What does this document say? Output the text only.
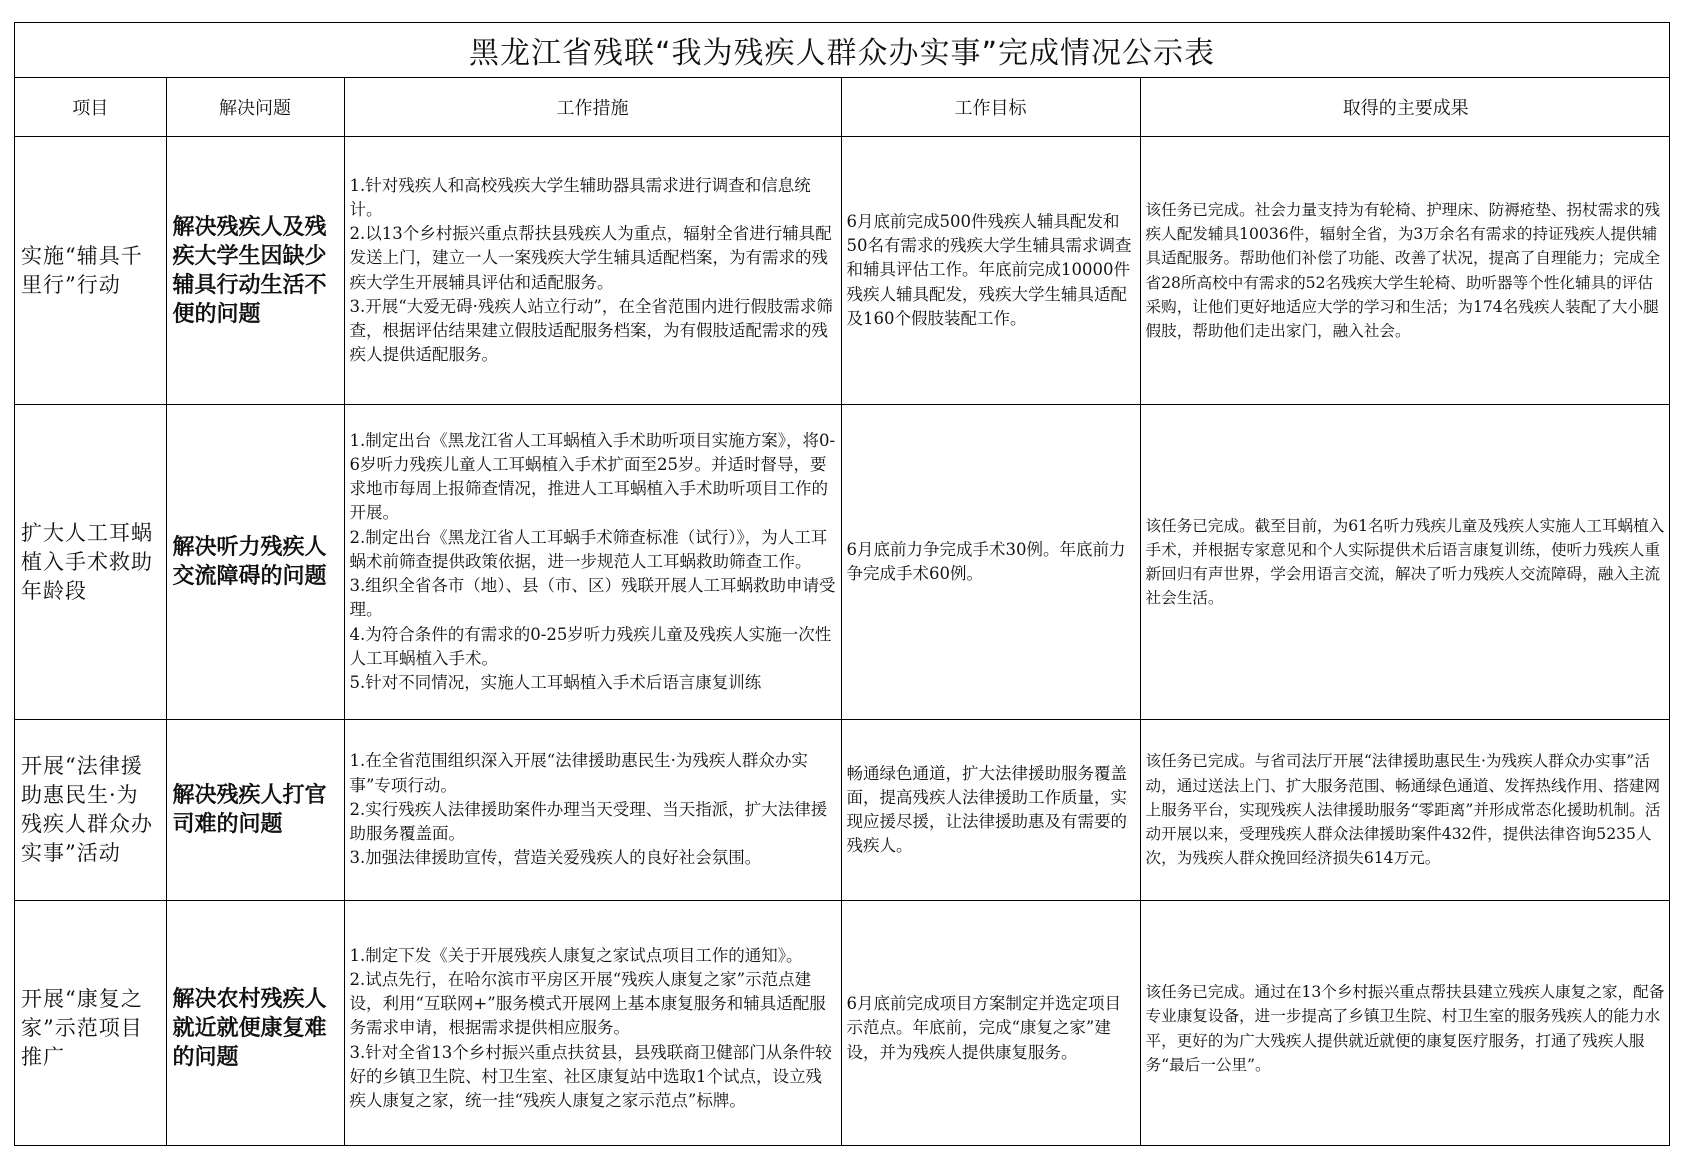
黑龙江省残联“我为残疾人群众办实事”完成情况公示表
项目	解决问题	工作措施	工作目标	取得的主要成果
实施“辅具千里行”行动	解决残疾人及残疾大学生因缺少辅具行动生活不便的问题	1.针对残疾人和高校残疾大学生辅助器具需求进行调查和信息统计。
2.以13个乡村振兴重点帮扶县残疾人为重点，辐射全省进行辅具配发送上门，建立一人一案残疾大学生辅具适配档案，为有需求的残疾大学生开展辅具评估和适配服务。
3.开展“大爱无碍·残疾人站立行动”，在全省范围内进行假肢需求筛查，根据评估结果建立假肢适配服务档案，为有假肢适配需求的残疾人提供适配服务。	6月底前完成500件残疾人辅具配发和50名有需求的残疾大学生辅具需求调查和辅具评估工作。年底前完成10000件残疾人辅具配发，残疾大学生辅具适配及160个假肢装配工作。	该任务已完成。社会力量支持为有轮椅、护理床、防褥疮垫、拐杖需求的残疾人配发辅具10036件，辐射全省，为3万余名有需求的持证残疾人提供辅具适配服务。帮助他们补偿了功能、改善了状况，提高了自理能力；完成全省28所高校中有需求的52名残疾大学生轮椅、助听器等个性化辅具的评估采购，让他们更好地适应大学的学习和生活；为174名残疾人装配了大小腿假肢，帮助他们走出家门，融入社会。
扩大人工耳蜗植入手术救助年龄段	解决听力残疾人交流障碍的问题	1.制定出台《黑龙江省人工耳蜗植入手术助听项目实施方案》，将0-6岁听力残疾儿童人工耳蜗植入手术扩面至25岁。并适时督导，要求地市每周上报筛查情况，推进人工耳蜗植入手术助听项目工作的开展。
2.制定出台《黑龙江省人工耳蜗手术筛查标准（试行）》，为人工耳蜗术前筛查提供政策依据，进一步规范人工耳蜗救助筛查工作。
3.组织全省各市（地）、县（市、区）残联开展人工耳蜗救助申请受理。
4.为符合条件的有需求的0-25岁听力残疾儿童及残疾人实施一次性人工耳蜗植入手术。
5.针对不同情况，实施人工耳蜗植入手术后语言康复训练	6月底前力争完成手术30例。年底前力争完成手术60例。	该任务已完成。截至目前，为61名听力残疾儿童及残疾人实施人工耳蜗植入手术，并根据专家意见和个人实际提供术后语言康复训练，使听力残疾人重新回归有声世界，学会用语言交流，解决了听力残疾人交流障碍，融入主流社会生活。
开展“法律援助惠民生·为残疾人群众办实事”活动	解决残疾人打官司难的问题	1.在全省范围组织深入开展“法律援助惠民生·为残疾人群众办实事”专项行动。
2.实行残疾人法律援助案件办理当天受理、当天指派，扩大法律援助服务覆盖面。
3.加强法律援助宣传，营造关爱残疾人的良好社会氛围。	畅通绿色通道，扩大法律援助服务覆盖面，提高残疾人法律援助工作质量，实现应援尽援，让法律援助惠及有需要的残疾人。	该任务已完成。与省司法厅开展“法律援助惠民生·为残疾人群众办实事”活动，通过送法上门、扩大服务范围、畅通绿色通道、发挥热线作用、搭建网上服务平台，实现残疾人法律援助服务“零距离”并形成常态化援助机制。活动开展以来，受理残疾人群众法律援助案件432件，提供法律咨询5235人次，为残疾人群众挽回经济损失614万元。
开展“康复之家”示范项目推广	解决农村残疾人就近就便康复难的问题	1.制定下发《关于开展残疾人康复之家试点项目工作的通知》。
2.试点先行，在哈尔滨市平房区开展“残疾人康复之家”示范点建设，利用“互联网+”服务模式开展网上基本康复服务和辅具适配服务需求申请，根据需求提供相应服务。
3.针对全省13个乡村振兴重点扶贫县，县残联商卫健部门从条件较好的乡镇卫生院、村卫生室、社区康复站中选取1个试点，设立残疾人康复之家，统一挂“残疾人康复之家示范点”标牌。	6月底前完成项目方案制定并选定项目示范点。年底前，完成“康复之家”建设，并为残疾人提供康复服务。	该任务已完成。通过在13个乡村振兴重点帮扶县建立残疾人康复之家，配备专业康复设备，进一步提高了乡镇卫生院、村卫生室的服务残疾人的能力水平，更好的为广大残疾人提供就近就便的康复医疗服务，打通了残疾人服务“最后一公里”。
